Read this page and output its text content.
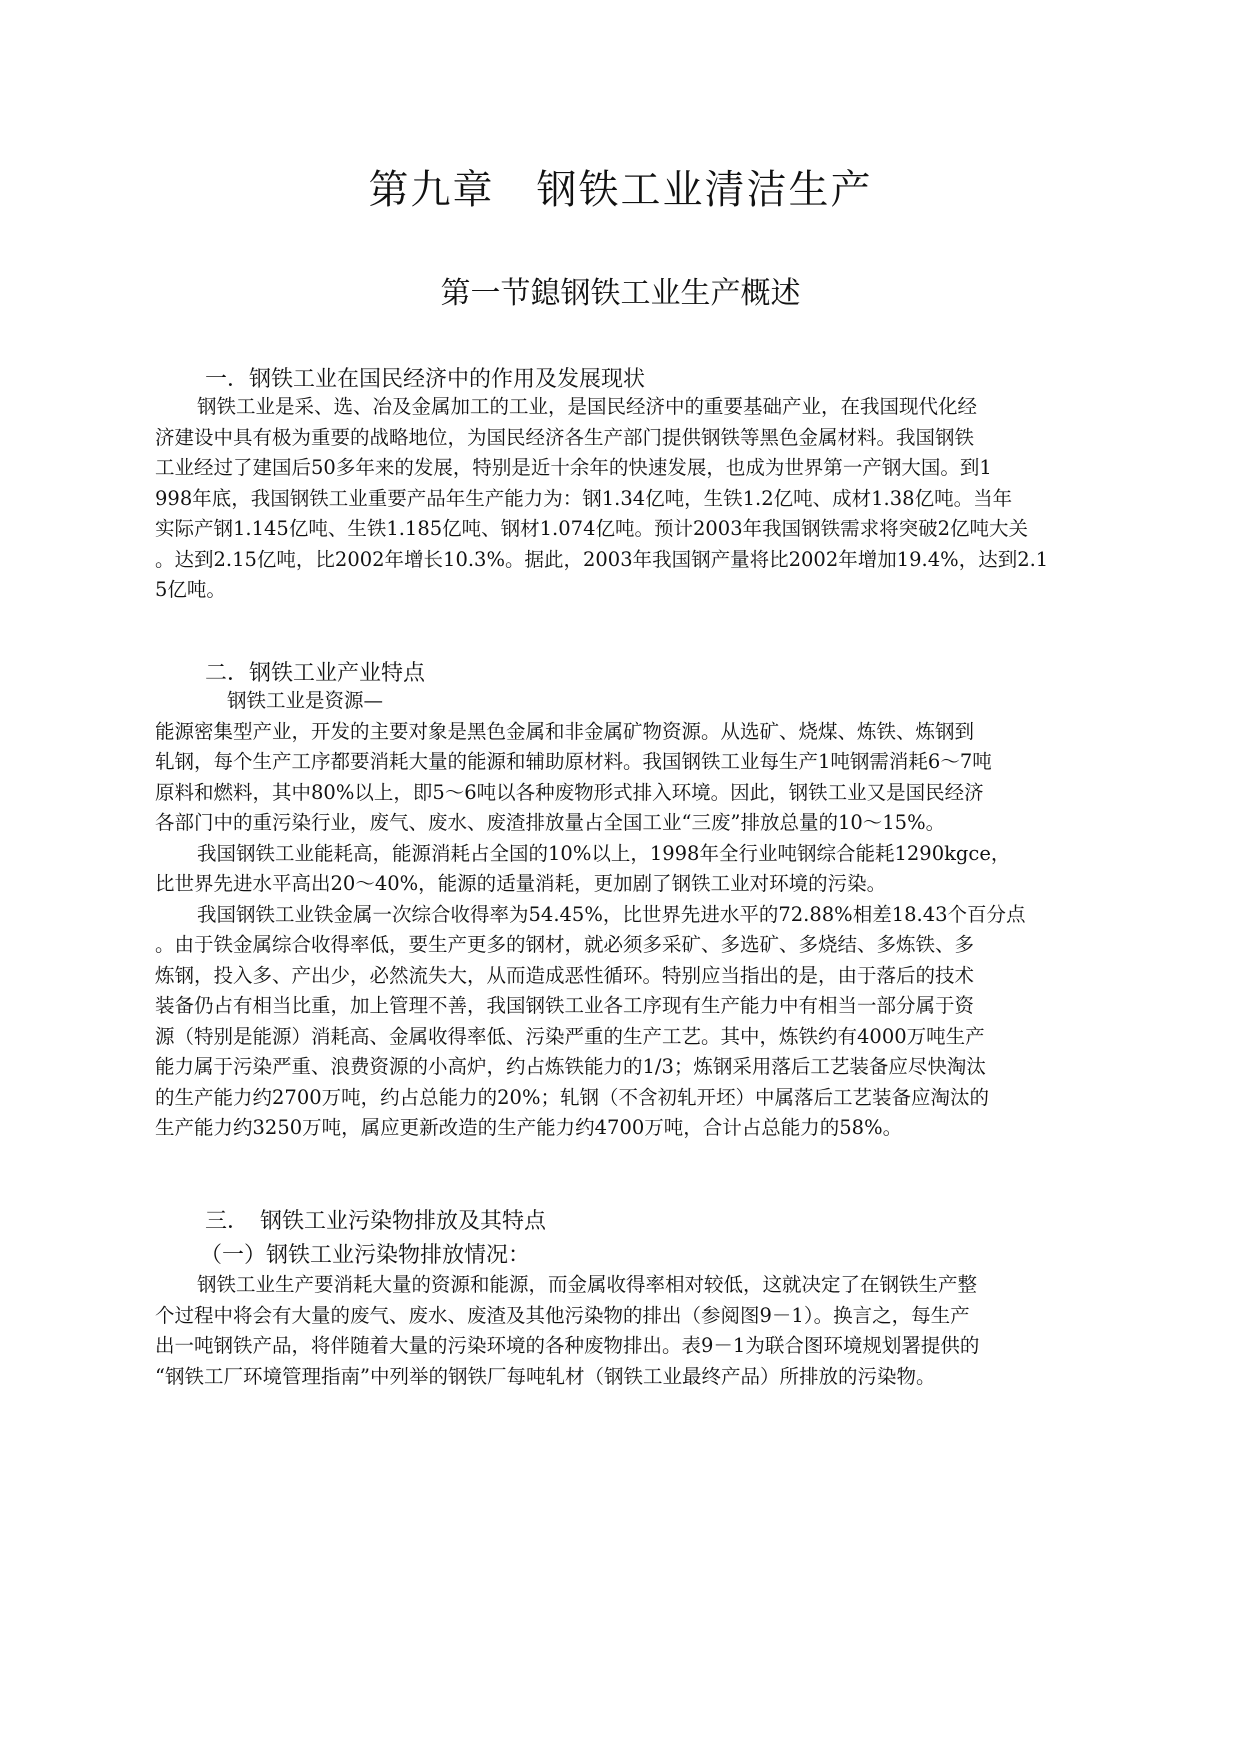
第九章　钢铁工业清洁生产
第一节鎴钢铁工业生产概述
一．钢铁工业在国民经济中的作用及发展现状
钢铁工业是采、选、冶及金属加工的工业，是国民经济中的重要基础产业，在我国现代化经
济建设中具有极为重要的战略地位，为国民经济各生产部门提供钢铁等黑色金属材料。我国钢铁
工业经过了建国后50多年来的发展，特别是近十余年的快速发展，也成为世界第一产钢大国。到1
998年底，我国钢铁工业重要产品年生产能力为：钢1.34亿吨，生铁1.2亿吨、成材1.38亿吨。当年
实际产钢1.145亿吨、生铁1.185亿吨、钢材1.074亿吨。预计2003年我国钢铁需求将突破2亿吨大关
。达到2.15亿吨，比2002年增长10.3%。据此，2003年我国钢产量将比2002年增加19.4%，达到2.1
5亿吨。
二．钢铁工业产业特点
钢铁工业是资源—
能源密集型产业，开发的主要对象是黑色金属和非金属矿物资源。从选矿、烧煤、炼铁、炼钢到
轧钢，每个生产工序都要消耗大量的能源和辅助原材料。我国钢铁工业每生产1吨钢需消耗6～7吨
原料和燃料，其中80%以上，即5～6吨以各种废物形式排入环境。因此，钢铁工业又是国民经济
各部门中的重污染行业，废气、废水、废渣排放量占全国工业“三废”排放总量的10～15%。
我国钢铁工业能耗高，能源消耗占全国的10%以上，1998年全行业吨钢综合能耗1290kgce，
比世界先进水平高出20～40%，能源的适量消耗，更加剧了钢铁工业对环境的污染。
我国钢铁工业铁金属一次综合收得率为54.45%，比世界先进水平的72.88%相差18.43个百分点
。由于铁金属综合收得率低，要生产更多的钢材，就必须多采矿、多选矿、多烧结、多炼铁、多
炼钢，投入多、产出少，必然流失大，从而造成恶性循环。特别应当指出的是，由于落后的技术
装备仍占有相当比重，加上管理不善，我国钢铁工业各工序现有生产能力中有相当一部分属于资
源（特别是能源）消耗高、金属收得率低、污染严重的生产工艺。其中，炼铁约有4000万吨生产
能力属于污染严重、浪费资源的小高炉，约占炼铁能力的1/3；炼钢采用落后工艺装备应尽快淘汰
的生产能力约2700万吨，约占总能力的20%；轧钢（不含初轧开坯）中属落后工艺装备应淘汰的
生产能力约3250万吨，属应更新改造的生产能力约4700万吨，合计占总能力的58%。
三．　钢铁工业污染物排放及其特点
（一）钢铁工业污染物排放情况：
钢铁工业生产要消耗大量的资源和能源，而金属收得率相对较低，这就决定了在钢铁生产整
个过程中将会有大量的废气、废水、废渣及其他污染物的排出（参阅图9－1）。换言之，每生产
出一吨钢铁产品，将伴随着大量的污染环境的各种废物排出。表9－1为联合图环境规划署提供的
“钢铁工厂环境管理指南”中列举的钢铁厂每吨轧材（钢铁工业最终产品）所排放的污染物。
